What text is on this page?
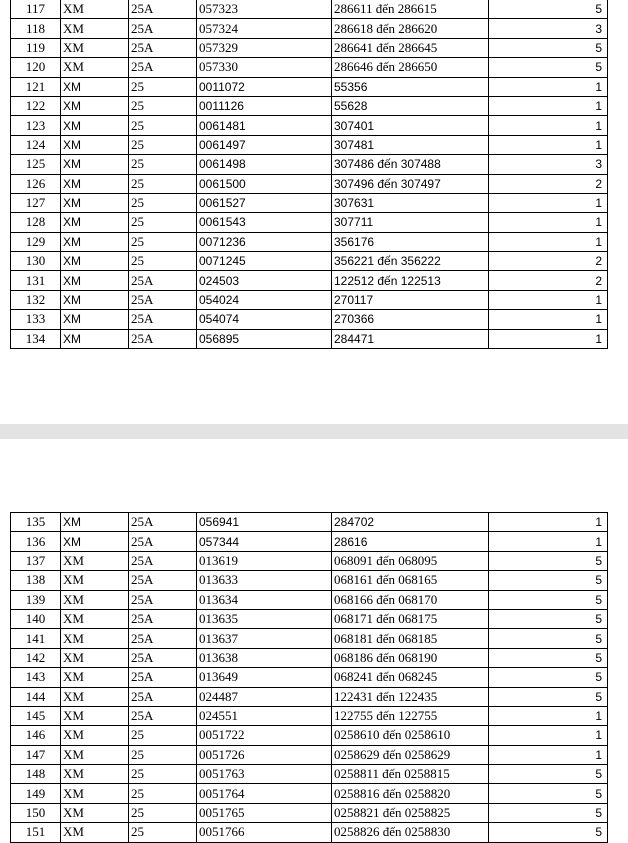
117	XM	25A	057323	286611 đến 286615	5
118	XM	25A	057324	286618 đến 286620	3
119	XM	25A	057329	286641 đến 286645	5
120	XM	25A	057330	286646 đến 286650	5
121	XM	25	0011072	55356	1
122	XM	25	0011126	55628	1
123	XM	25	0061481	307401	1
124	XM	25	0061497	307481	1
125	XM	25	0061498	307486 đến 307488	3
126	XM	25	0061500	307496 đến 307497	2
127	XM	25	0061527	307631	1
128	XM	25	0061543	307711	1
129	XM	25	0071236	356176	1
130	XM	25	0071245	356221 đến 356222	2
131	XM	25A	024503	122512 đến 122513	2
132	XM	25A	054024	270117	1
133	XM	25A	054074	270366	1
134	XM	25A	056895	284471	1
135	XM	25A	056941	284702	1
136	XM	25A	057344	28616	1
137	XM	25A	013619	068091 đến 068095	5
138	XM	25A	013633	068161 đến 068165	5
139	XM	25A	013634	068166 đến 068170	5
140	XM	25A	013635	068171 đến 068175	5
141	XM	25A	013637	068181 đến 068185	5
142	XM	25A	013638	068186 đến 068190	5
143	XM	25A	013649	068241 đến 068245	5
144	XM	25A	024487	122431 đến 122435	5
145	XM	25A	024551	122755 đến 122755	1
146	XM	25	0051722	0258610 đến 0258610	1
147	XM	25	0051726	0258629 đến 0258629	1
148	XM	25	0051763	0258811 đến 0258815	5
149	XM	25	0051764	0258816 đến 0258820	5
150	XM	25	0051765	0258821 đến 0258825	5
151	XM	25	0051766	0258826 đến 0258830	5
